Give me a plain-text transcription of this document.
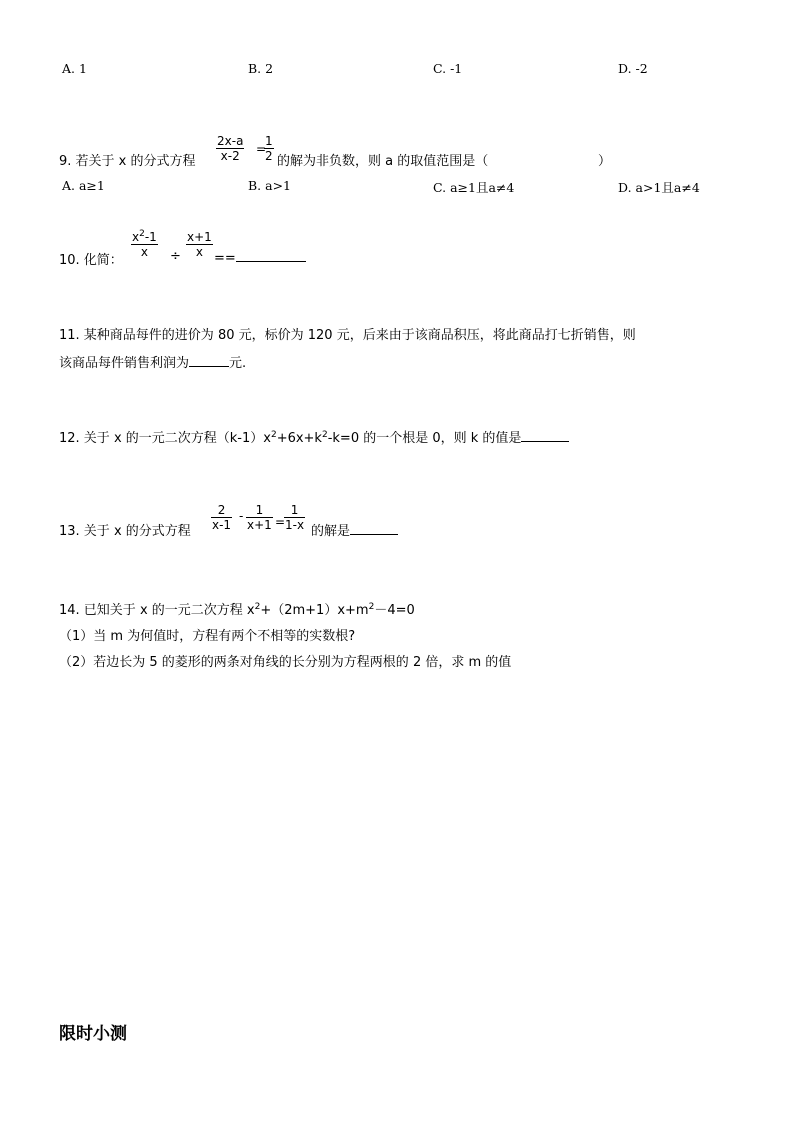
A. 1	B. 2	C. -1	D. -2
9. 若关于 x 的分式方程 $\frac{2x-a}{x-2}$ =
$\frac{1}{2}$ 的解为非负数，则 a 的取值范围是（	）
A. a≥1	B. a>1	C. a≥1且a≠4	D. a>1且a≠4
10. 化简：
$\frac{x^2-1}{x} \div \frac{x+1}{x}$ ==
11. 某种商品每件的进价为 80 元，标价为 120 元，后来由于该商品积压，将此商品打七折销售，则
该商品每件销售利润为	元.
12. 关于 x 的一元二次方程$(k-1)x^2+6x+k^2-k=0$ 的一个根是 0，则 k 的值是
13. 关于 x 的分式方程 $\frac{2}{x-1} - \frac{1}{x+1}$ =
$\frac{1}{1-x}$ 的解是
14. 已知关于 x 的一元二次方程 $x^2+(2m+1)x+m^2-4=0$
（1）当 m 为何值时，方程有两个不相等的实数根?
（2）若边长为 5 的菱形的两条对角线的长分别为方程两根的 2 倍，求 m 的值
限时小测
